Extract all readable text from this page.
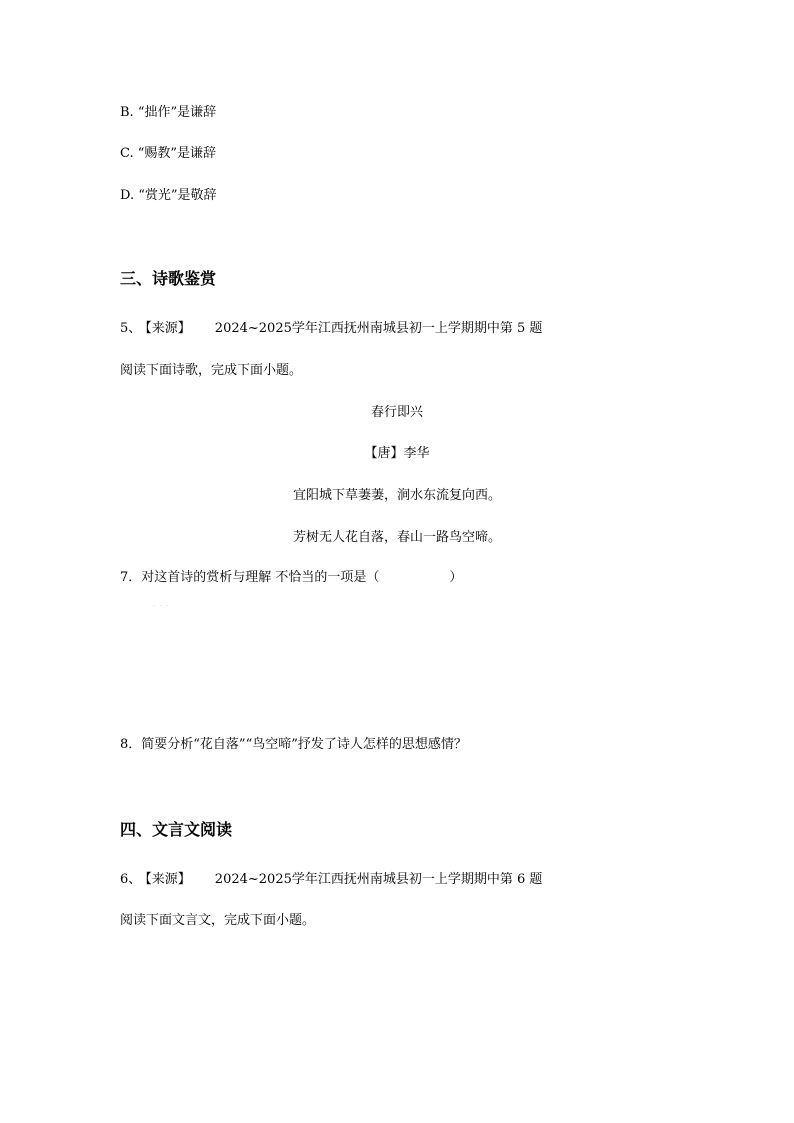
B. “拙作”是谦辞
C. “赐教”是谦辞
D. “赏光”是敬辞
三、诗歌鉴赏
5、 【来源】 2024~2025学年江西抚州南城县初一上学期期中第 5 题
阅读下面诗歌，完成下面小题。
春行即兴
【唐】李华
宜阳城下草萋萋，涧水东流复向西。
芳树无人花自落，春山一路鸟空啼。
7．对这首诗的赏析与理解 不恰当的一项是（	）
. . .
8．简要分析“花自落”“鸟空啼”抒发了诗人怎样的思想感情？
四、文言文阅读
6、 【来源】 2024~2025学年江西抚州南城县初一上学期期中第 6 题
阅读下面文言文，完成下面小题。
